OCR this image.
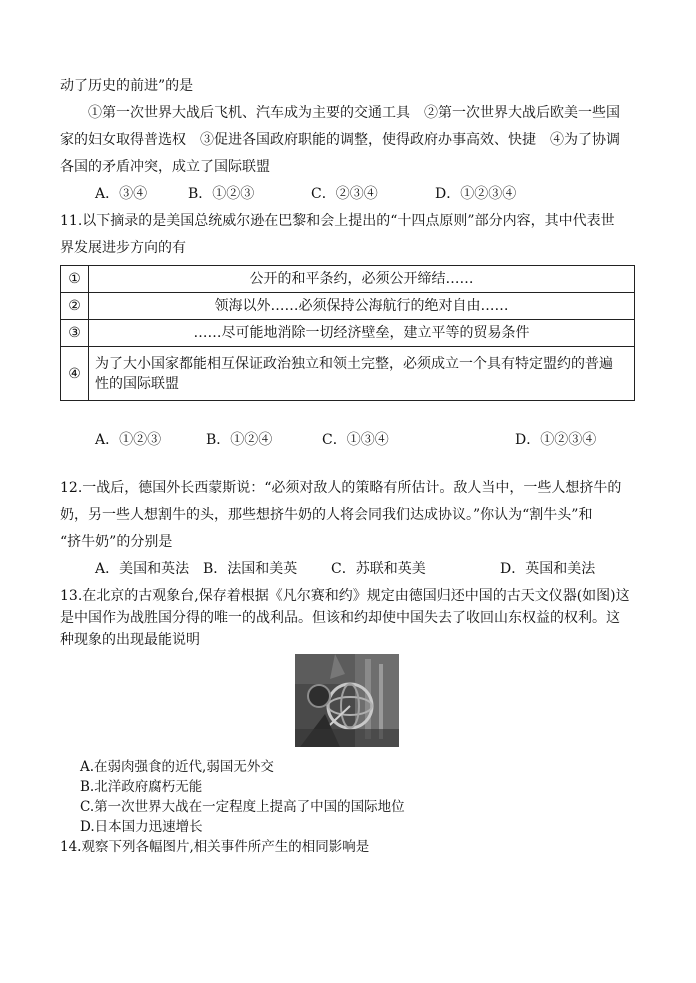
动了历史的前进”的是
①第一次世界大战后飞机、汽车成为主要的交通工具　②第一次世界大战后欧美一些国
家的妇女取得普选权　③促进各国政府职能的调整，使得政府办事高效、快捷　④为了协调
各国的矛盾冲突，成立了国际联盟
A．③④	B．①②③	C．②③④	D．①②③④
11.以下摘录的是美国总统威尔逊在巴黎和会上提出的“十四点原则”部分内容，其中代表世
界发展进步方向的有
①	公开的和平条约，必须公开缔结……
②	领海以外……必须保持公海航行的绝对自由……
③	……尽可能地消除一切经济壁垒，建立平等的贸易条件
④	为了大小国家都能相互保证政治独立和领土完整，必须成立一个具有特定盟约的普遍
性的国际联盟
A．①②③	B．①②④	C．①③④	D．①②③④
12.一战后，德国外长西蒙斯说：“必须对敌人的策略有所估计。敌人当中，一些人想挤牛的
奶，另一些人想割牛的头，那些想挤牛奶的人将会同我们达成协议。”你认为“割牛头”和
“挤牛奶”的分别是
A．美国和英法 B．法国和美英 C．苏联和英美	D．英国和美法
13.在北京的古观象台,保存着根据《凡尔赛和约》规定由德国归还中国的古天文仪器(如图)这
是中国作为战胜国分得的唯一的战利品。但该和约却使中国失去了收回山东权益的权利。这
种现象的出现最能说明
A.在弱肉强食的近代,弱国无外交
B.北洋政府腐朽无能
C.第一次世界大战在一定程度上提高了中国的国际地位
D.日本国力迅速增长
14.观察下列各幅图片,相关事件所产生的相同影响是
